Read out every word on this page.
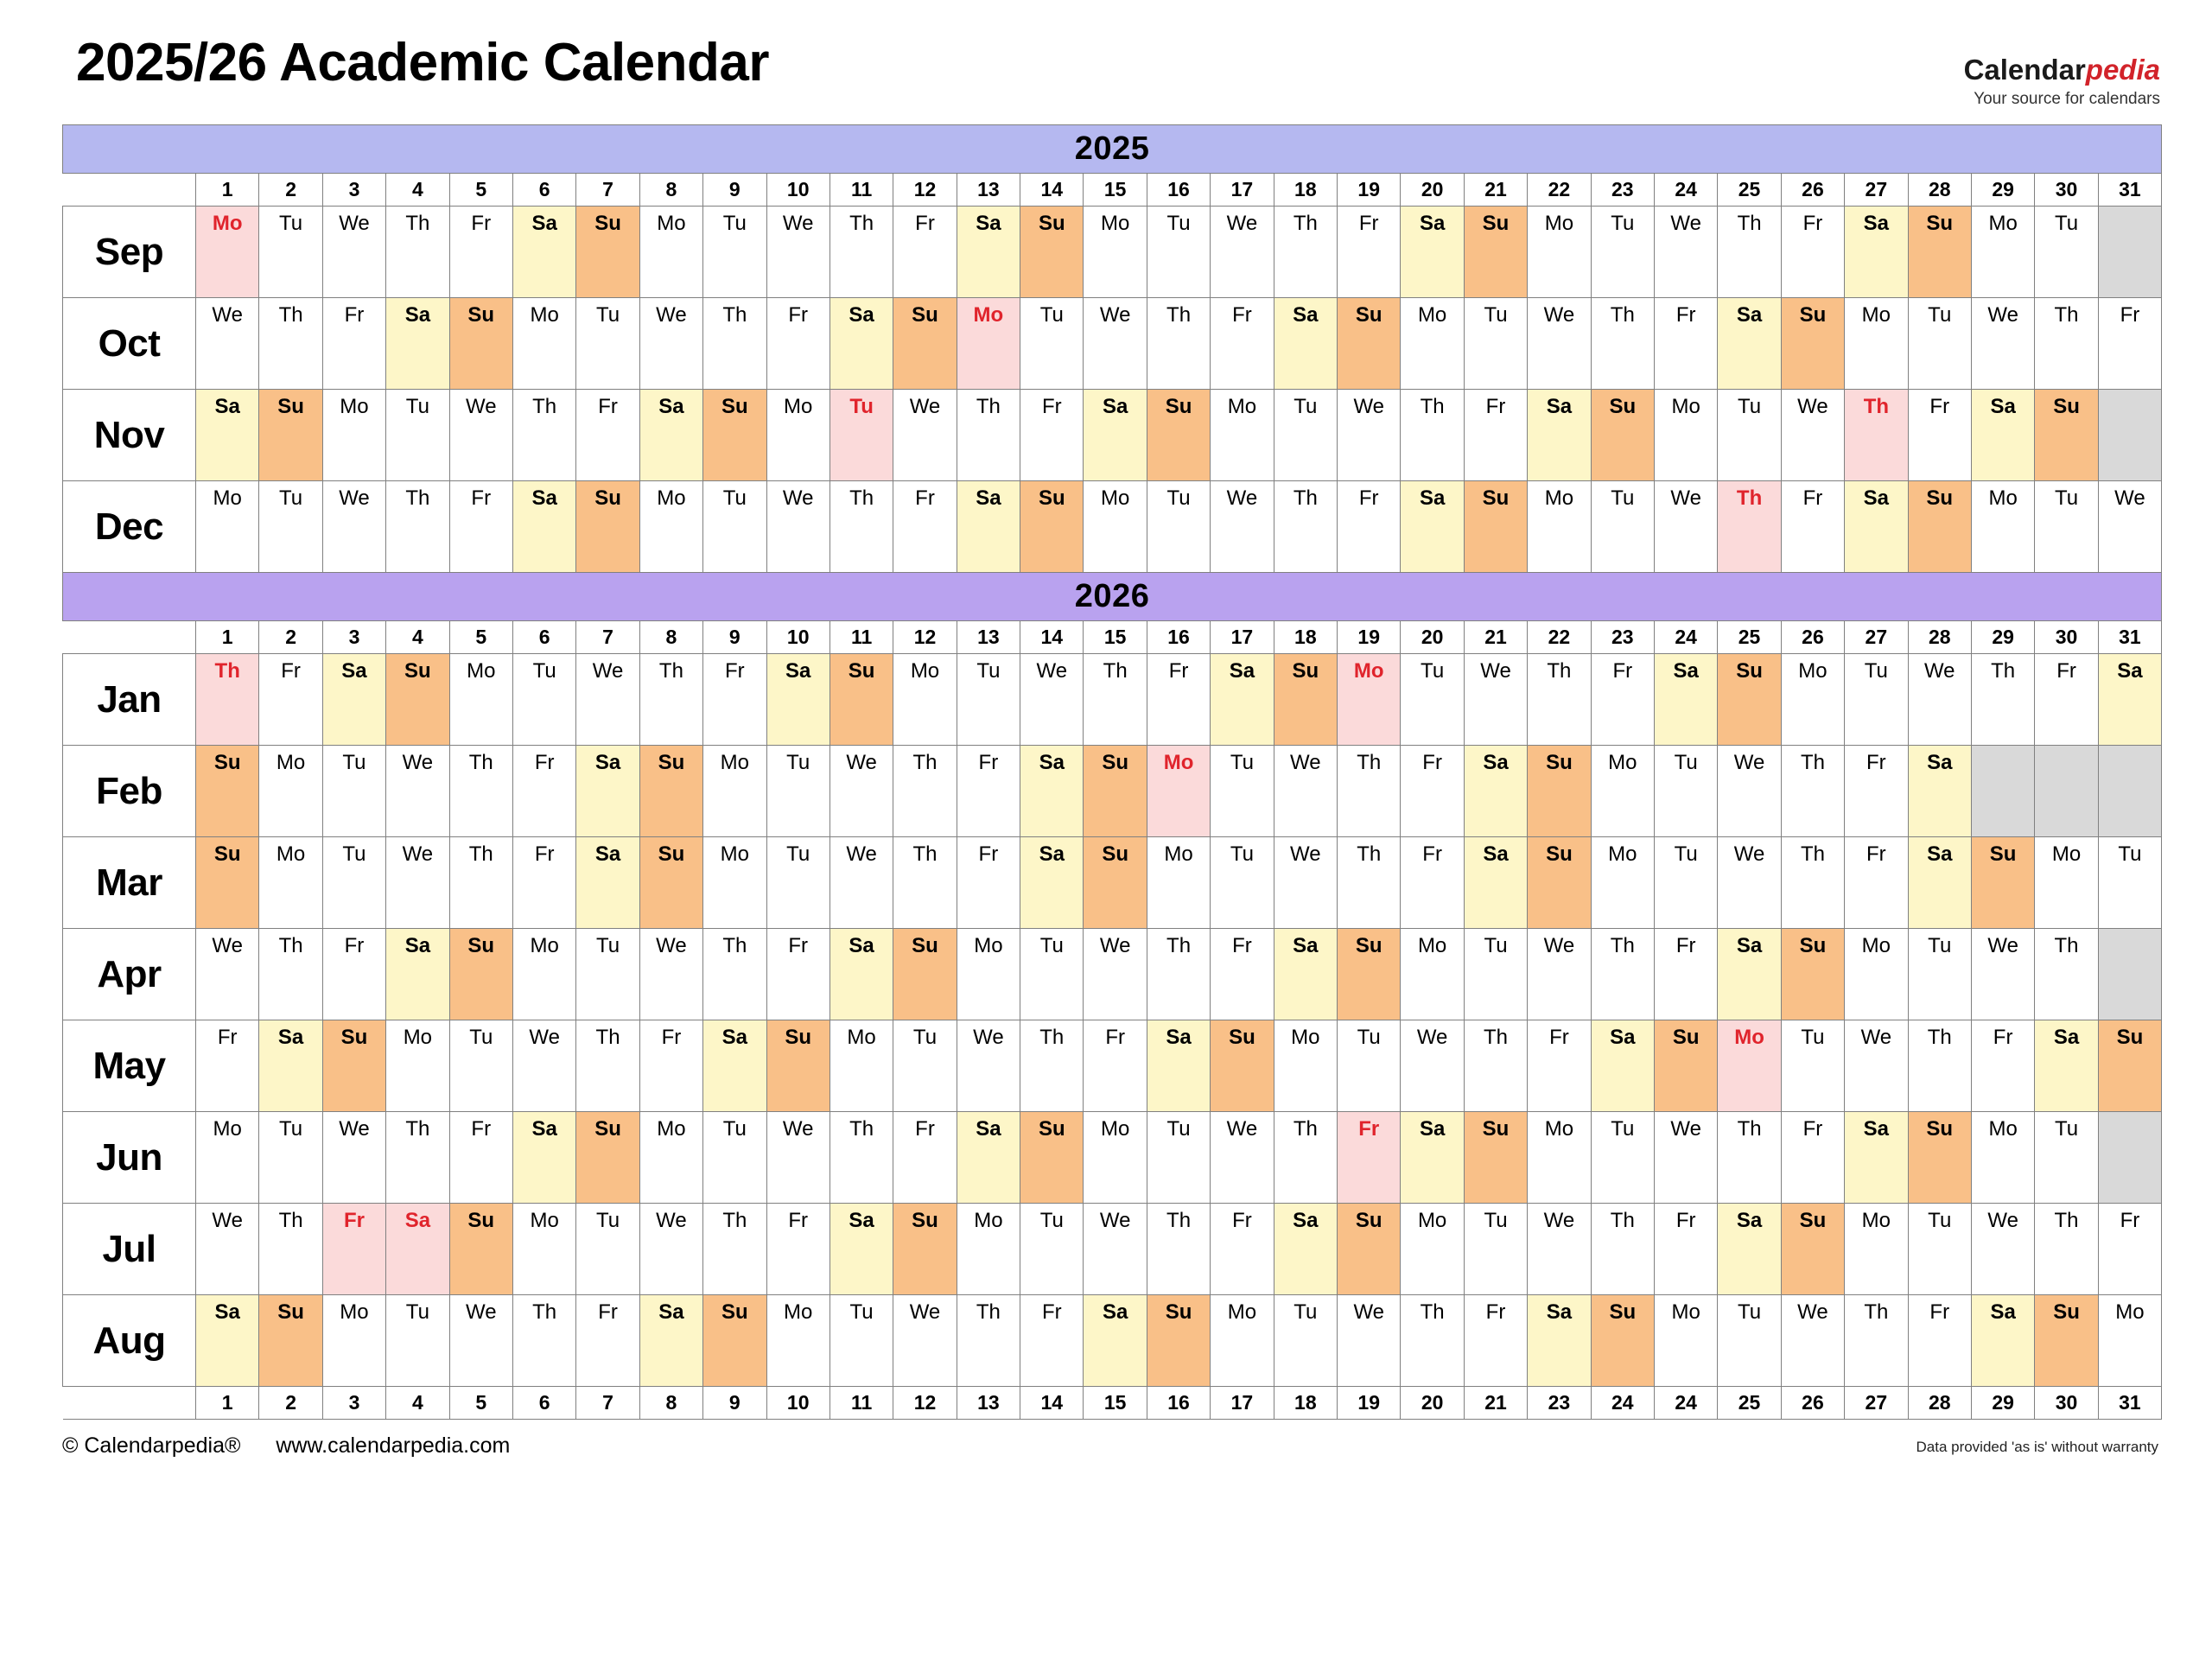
2025/26 Academic Calendar	Calendarpedia
Your source for calendars
2025																															
	1	2	3	4	5	6	7	8	9	10	11	12	13	14	15	16	17	18	19	20	21	22	23	24	25	26	27	28	29	30	31
Sep	Mo	Tu	We	Th	Fr	Sa	Su	Mo	Tu	We	Th	Fr	Sa	Su	Mo	Tu	We	Th	Fr	Sa	Su	Mo	Tu	We	Th	Fr	Sa	Su	Mo	Tu	
Oct	We	Th	Fr	Sa	Su	Mo	Tu	We	Th	Fr	Sa	Su	Mo	Tu	We	Th	Fr	Sa	Su	Mo	Tu	We	Th	Fr	Sa	Su	Mo	Tu	We	Th	Fr
Nov	Sa	Su	Mo	Tu	We	Th	Fr	Sa	Su	Mo	Tu	We	Th	Fr	Sa	Su	Mo	Tu	We	Th	Fr	Sa	Su	Mo	Tu	We	Th	Fr	Sa	Su	
Dec	Mo	Tu	We	Th	Fr	Sa	Su	Mo	Tu	We	Th	Fr	Sa	Su	Mo	Tu	We	Th	Fr	Sa	Su	Mo	Tu	We	Th	Fr	Sa	Su	Mo	Tu	We
2026																															
	1	2	3	4	5	6	7	8	9	10	11	12	13	14	15	16	17	18	19	20	21	22	23	24	25	26	27	28	29	30	31
Jan	Th	Fr	Sa	Su	Mo	Tu	We	Th	Fr	Sa	Su	Mo	Tu	We	Th	Fr	Sa	Su	Mo	Tu	We	Th	Fr	Sa	Su	Mo	Tu	We	Th	Fr	Sa
Feb	Su	Mo	Tu	We	Th	Fr	Sa	Su	Mo	Tu	We	Th	Fr	Sa	Su	Mo	Tu	We	Th	Fr	Sa	Su	Mo	Tu	We	Th	Fr	Sa			
Mar	Su	Mo	Tu	We	Th	Fr	Sa	Su	Mo	Tu	We	Th	Fr	Sa	Su	Mo	Tu	We	Th	Fr	Sa	Su	Mo	Tu	We	Th	Fr	Sa	Su	Mo	Tu
Apr	We	Th	Fr	Sa	Su	Mo	Tu	We	Th	Fr	Sa	Su	Mo	Tu	We	Th	Fr	Sa	Su	Mo	Tu	We	Th	Fr	Sa	Su	Mo	Tu	We	Th	
May	Fr	Sa	Su	Mo	Tu	We	Th	Fr	Sa	Su	Mo	Tu	We	Th	Fr	Sa	Su	Mo	Tu	We	Th	Fr	Sa	Su	Mo	Tu	We	Th	Fr	Sa	Su
Jun	Mo	Tu	We	Th	Fr	Sa	Su	Mo	Tu	We	Th	Fr	Sa	Su	Mo	Tu	We	Th	Fr	Sa	Su	Mo	Tu	We	Th	Fr	Sa	Su	Mo	Tu	
Jul	We	Th	Fr	Sa	Su	Mo	Tu	We	Th	Fr	Sa	Su	Mo	Tu	We	Th	Fr	Sa	Su	Mo	Tu	We	Th	Fr	Sa	Su	Mo	Tu	We	Th	Fr
Aug	Sa	Su	Mo	Tu	We	Th	Fr	Sa	Su	Mo	Tu	We	Th	Fr	Sa	Su	Mo	Tu	We	Th	Fr	Sa	Su	Mo	Tu	We	Th	Fr	Sa	Su	Mo
	1	2	3	4	5	6	7	8	9	10	11	12	13	14	15	16	17	18	19	20	21	23	24	24	25	26	27	28	29	30	31
© Calendarpedia® www.calendarpedia.com	Data provided 'as is' without warranty
